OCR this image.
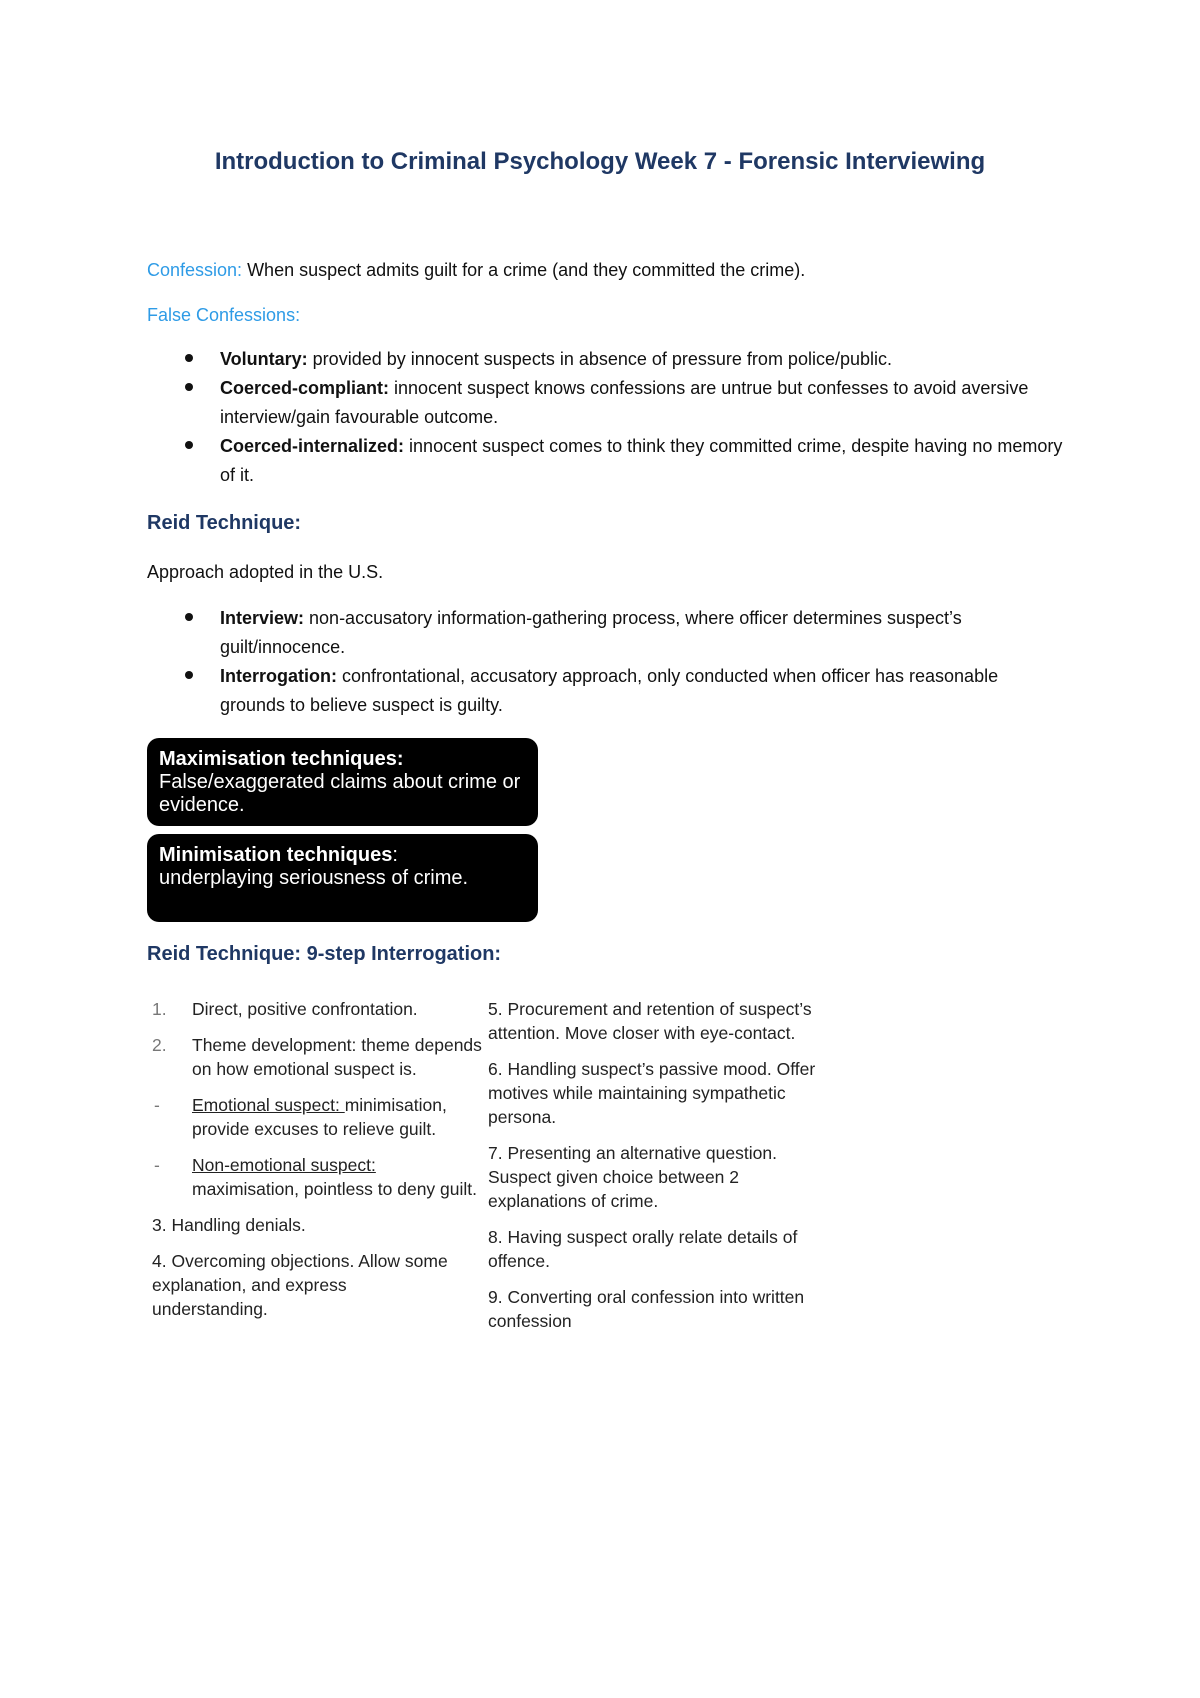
Introduction to Criminal Psychology Week 7 - Forensic Interviewing
Confession: When suspect admits guilt for a crime (and they committed the crime).
False Confessions:
Voluntary: provided by innocent suspects in absence of pressure from police/public.
Coerced-compliant: innocent suspect knows confessions are untrue but confesses to avoid aversive interview/gain favourable outcome.
Coerced-internalized: innocent suspect comes to think they committed crime, despite having no memory of it.
Reid Technique:
Approach adopted in the U.S.
Interview: non-accusatory information-gathering process, where officer determines suspect’s guilt/innocence.
Interrogation: confrontational, accusatory approach, only conducted when officer has reasonable grounds to believe suspect is guilty.
Maximisation techniques:
False/exaggerated claims about crime or evidence.
Minimisation techniques:
underplaying seriousness of crime.
Reid Technique: 9-step Interrogation:
1. Direct, positive confrontation.
2. Theme development: theme depends on how emotional suspect is.
- Emotional suspect: minimisation, provide excuses to relieve guilt.
- Non-emotional suspect:
maximisation, pointless to deny guilt.
3. Handling denials.
4. Overcoming objections. Allow some explanation, and express understanding.
5. Procurement and retention of suspect’s attention. Move closer with eye-contact.
6. Handling suspect’s passive mood. Offer motives while maintaining sympathetic persona.
7. Presenting an alternative question. Suspect given choice between 2 explanations of crime.
8. Having suspect orally relate details of offence.
9. Converting oral confession into written confession
